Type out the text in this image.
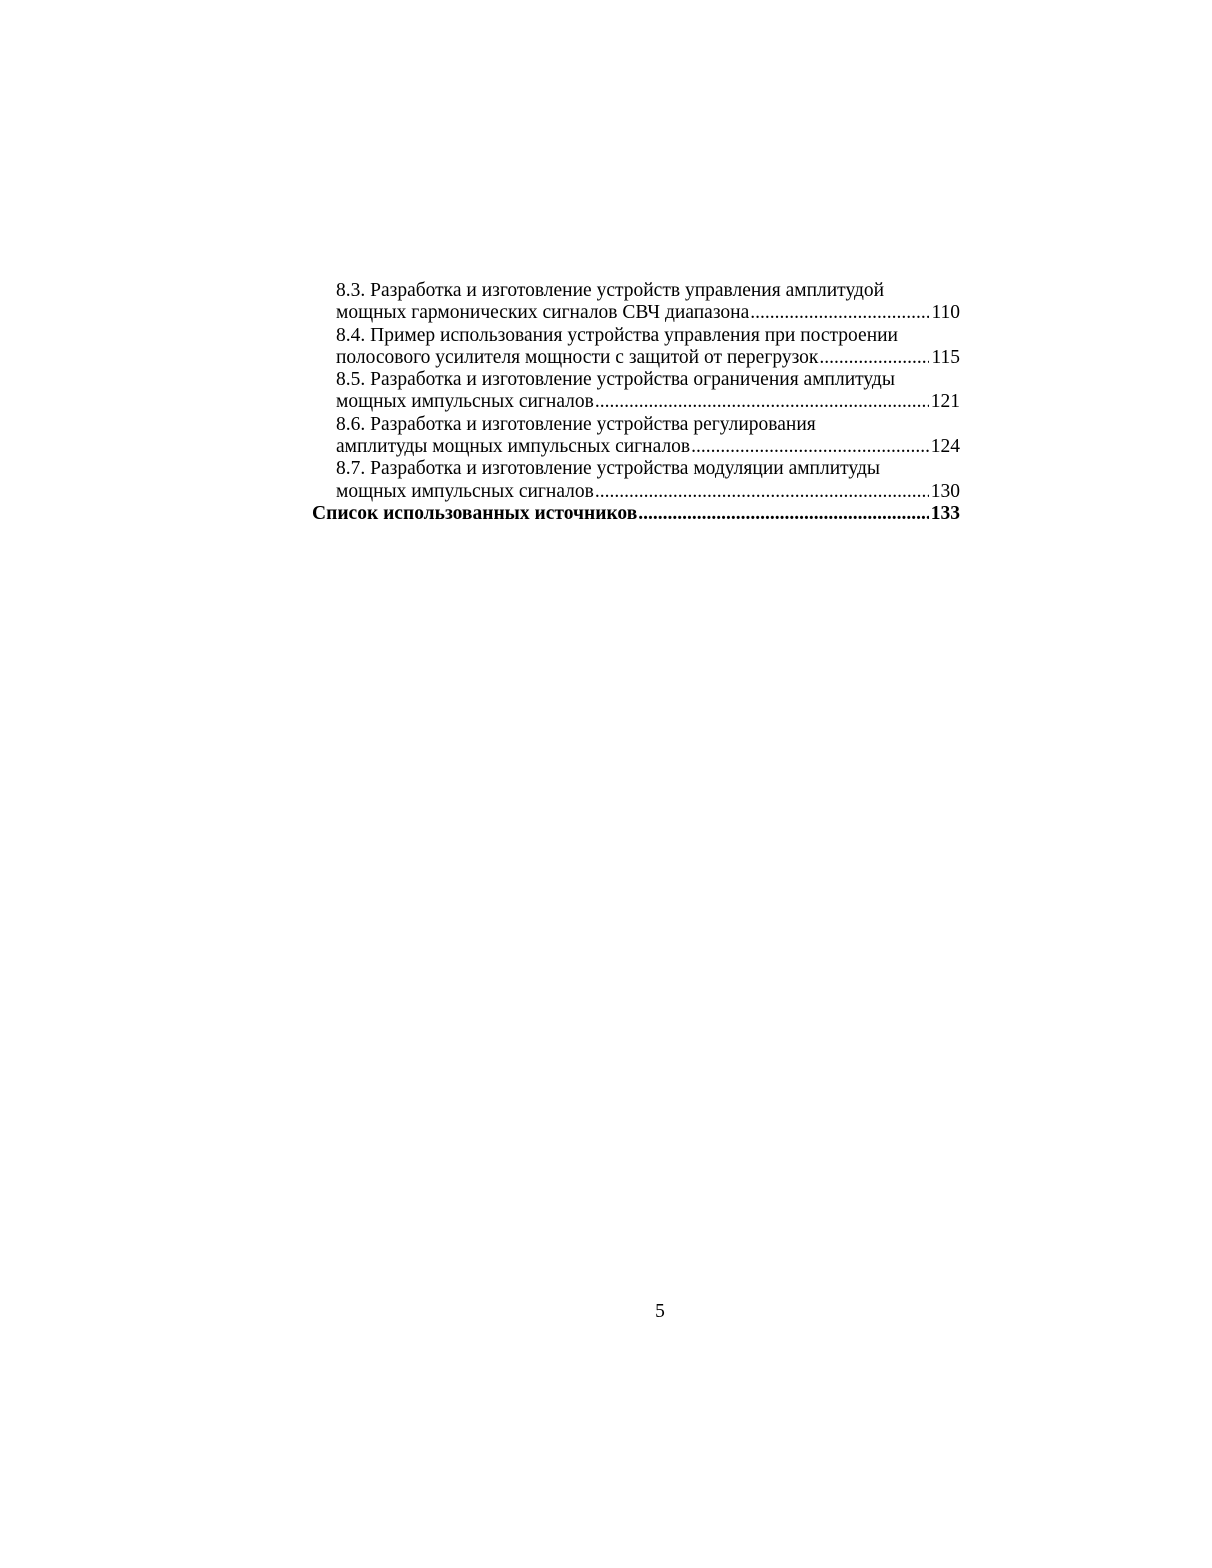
8.3. Разработка и изготовление устройств управления амплитудой
мощных гармонических сигналов СВЧ диапазона .....	110
8.4. Пример использования устройства управления при построении
полосового усилителя мощности с защитой от перегрузок .....	115
8.5. Разработка и изготовление устройства ограничения амплитуды
мощных импульсных сигналов .....	121
8.6. Разработка и изготовление устройства регулирования
амплитуды мощных импульсных сигналов .....	124
8.7. Разработка и изготовление устройства модуляции амплитуды
мощных импульсных сигналов .....	130
Список использованных источников .....	133
5
